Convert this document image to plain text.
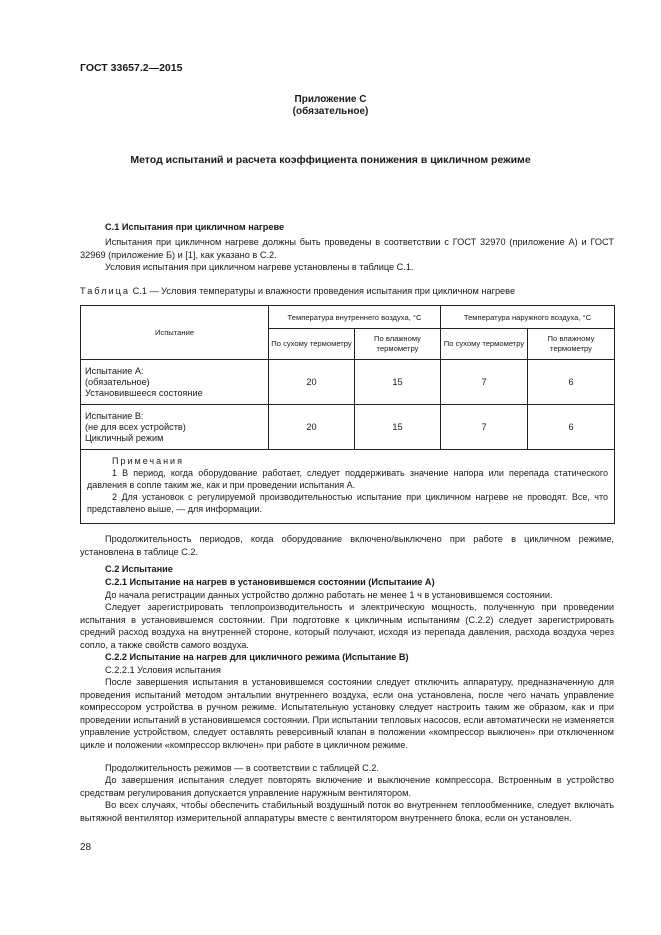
ГОСТ 33657.2—2015
Приложение С
(обязательное)
Метод испытаний и расчета коэффициента понижения в цикличном режиме
С.1 Испытания при цикличном нагреве
Испытания при цикличном нагреве должны быть проведены в соответствии с ГОСТ 32970 (приложение А) и ГОСТ 32969 (приложение Б) и [1], как указано в С.2.
Условия испытания при цикличном нагреве установлены в таблице С.1.
Таблица С.1 — Условия температуры и влажности проведения испытания при цикличном нагреве
Испытание	Температура внутреннего воздуха, °С		Температура наружного воздуха, °С	
	По сухому термометру	По влажному термометру	По сухому термометру	По влажному термометру

Испытание А:
(обязательное)
Установившееся состояние	20	15	7	6

Испытание В:
(не для всех устройств)
Цикличный режим	20	15	7	6

Примечания
1 В период, когда оборудование работает, следует поддерживать значение напора или перепада статического давления в сопле таким же, как и при проведении испытания А.
2 Для установок с регулируемой производительностью испытание при цикличном нагреве не проводят. Все, что представлено выше, — для информации.				
Продолжительность периодов, когда оборудование включено/выключено при работе в цикличном режиме, установлена в таблице С.2.
С.2 Испытание
С.2.1 Испытание на нагрев в установившемся состоянии (Испытание А)
До начала регистрации данных устройство должно работать не менее 1 ч в установившемся состоянии.
Следует зарегистрировать теплопроизводительность и электрическую мощность, полученную при проведении испытания в установившемся состоянии. При подготовке к цикличным испытаниям (С.2.2) следует зарегистрировать средний расход воздуха на внутренней стороне, который получают, исходя из перепада давления, расхода воздуха через сопло, а также свойств самого воздуха.
С.2.2 Испытание на нагрев для цикличного режима (Испытание В)
С.2.2.1 Условия испытания
После завершения испытания в установившемся состоянии следует отключить аппаратуру, предназначенную для проведения испытаний методом энтальпии внутреннего воздуха, если она установлена, после чего начать управление компрессором устройства в ручном режиме. Испытательную установку следует настроить таким же образом, как и при проведении испытаний в установившемся состоянии. При испытании тепловых насосов, если автоматически не изменяется управление устройством, следует оставлять реверсивный клапан в положении «компрессор выключен» при отключенном цикле и положении «компрессор включен» при работе в цикличном режиме.
Продолжительность режимов — в соответствии с таблицей С.2.
До завершения испытания следует повторять включение и выключение компрессора. Встроенным в устройство средствам регулирования допускается управление наружным вентилятором.
Во всех случаях, чтобы обеспечить стабильный воздушный поток во внутреннем теплообменнике, следует включать вытяжной вентилятор измерительной аппаратуры вместе с вентилятором внутреннего блока, если он установлен.
28
